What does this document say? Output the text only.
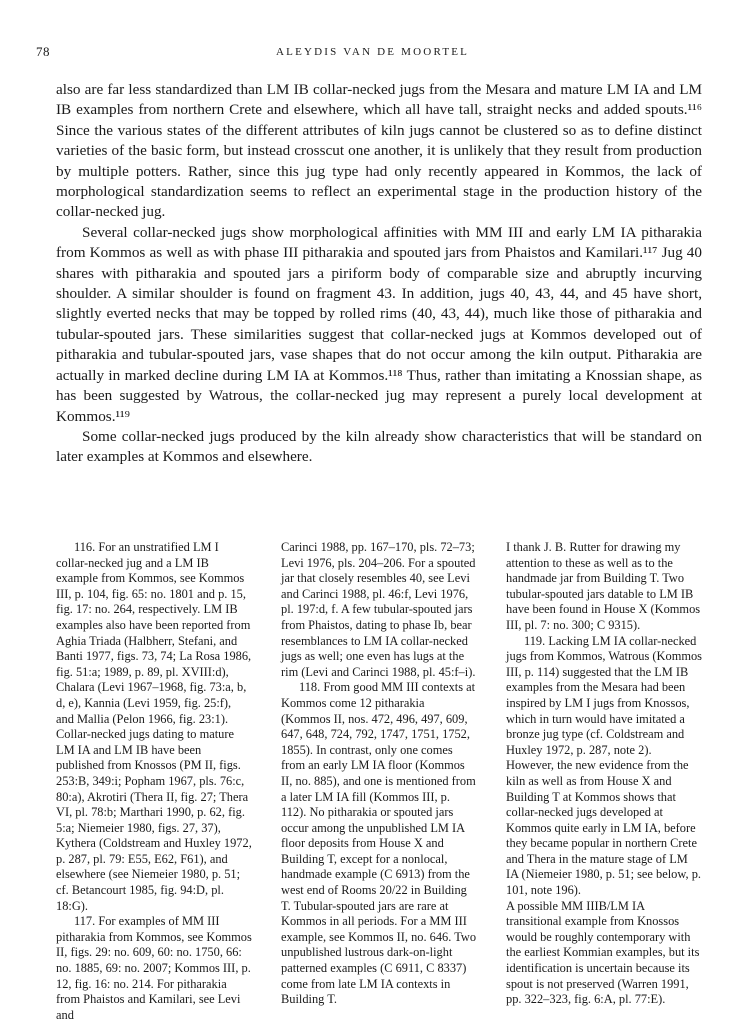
78	ALEYDIS VAN DE MOORTEL

also are far less standardized than LM IB collar-necked jugs from the Mesara and mature LM IA and LM IB examples from northern Crete and elsewhere, which all have tall, straight necks and added spouts.¹¹⁶ Since the various states of the different attributes of kiln jugs cannot be clustered so as to define distinct varieties of the basic form, but instead crosscut one another, it is unlikely that they result from production by multiple potters. Rather, since this jug type had only recently appeared in Kommos, the lack of morphological standardization seems to reflect an experimental stage in the production history of the collar-necked jug.

Several collar-necked jugs show morphological affinities with MM III and early LM IA pitharakia from Kommos as well as with phase III pitharakia and spouted jars from Phaistos and Kamilari.¹¹⁷ Jug 40 shares with pitharakia and spouted jars a piriform body of comparable size and abruptly incurving shoulder. A similar shoulder is found on fragment 43. In addition, jugs 40, 43, 44, and 45 have short, slightly everted necks that may be topped by rolled rims (40, 43, 44), much like those of pitharakia and tubular-spouted jars. These similarities suggest that collar-necked jugs at Kommos developed out of pitharakia and tubular-spouted jars, vase shapes that do not occur among the kiln output. Pitharakia are actually in marked decline during LM IA at Kommos.¹¹⁸ Thus, rather than imitating a Knossian shape, as has been suggested by Watrous, the collar-necked jug may represent a purely local development at Kommos.¹¹⁹

Some collar-necked jugs produced by the kiln already show characteristics that will be standard on later examples at Kommos and elsewhere.

116. For an unstratified LM I collar-necked jug and a LM IB example from Kommos, see Kommos III, p. 104, fig. 65: no. 1801 and p. 15, fig. 17: no. 264, respectively. LM IB examples also have been reported from Aghia Triada (Halbherr, Stefani, and Banti 1977, figs. 73, 74; La Rosa 1986, fig. 51:a; 1989, p. 89, pl. XVIII:d), Chalara (Levi 1967–1968, fig. 73:a, b, d, e), Kannia (Levi 1959, fig. 25:f), and Mallia (Pelon 1966, fig. 23:1). Collar-necked jugs dating to mature LM IA and LM IB have been published from Knossos (PM II, figs. 253:B, 349:i; Popham 1967, pls. 76:c, 80:a), Akrotiri (Thera II, fig. 27; Thera VI, pl. 78:b; Marthari 1990, p. 62, fig. 5:a; Niemeier 1980, figs. 27, 37), Kythera (Coldstream and Huxley 1972, p. 287, pl. 79: E55, E62, F61), and elsewhere (see Niemeier 1980, p. 51; cf. Betancourt 1985, fig. 94:D, pl. 18:G).

117. For examples of MM III pitharakia from Kommos, see Kommos II, figs. 29: no. 609, 60: no. 1750, 66: no. 1885, 69: no. 2007; Kommos III, p. 12, fig. 16: no. 214. For pitharakia from Phaistos and Kamilari, see Levi and

Carinci 1988, pp. 167–170, pls. 72–73; Levi 1976, pls. 204–206. For a spouted jar that closely resembles 40, see Levi and Carinci 1988, pl. 46:f, Levi 1976, pl. 197:d, f. A few tubular-spouted jars from Phaistos, dating to phase Ib, bear resemblances to LM IA collar-necked jugs as well; one even has lugs at the rim (Levi and Carinci 1988, pl. 45:f–i).

118. From good MM III contexts at Kommos come 12 pitharakia (Kommos II, nos. 472, 496, 497, 609, 647, 648, 724, 792, 1747, 1751, 1752, 1855). In contrast, only one comes from an early LM IA floor (Kommos II, no. 885), and one is mentioned from a later LM IA fill (Kommos III, p. 112). No pitharakia or spouted jars occur among the unpublished LM IA floor deposits from House X and Building T, except for a nonlocal, handmade example (C 6913) from the west end of Rooms 20/22 in Building T. Tubular-spouted jars are rare at Kommos in all periods. For a MM III example, see Kommos II, no. 646. Two unpublished lustrous dark-on-light patterned examples (C 6911, C 8337) come from late LM IA contexts in Building T.

I thank J. B. Rutter for drawing my attention to these as well as to the handmade jar from Building T. Two tubular-spouted jars datable to LM IB have been found in House X (Kommos III, pl. 7: no. 300; C 9315).

119. Lacking LM IA collar-necked jugs from Kommos, Watrous (Kommos III, p. 114) suggested that the LM IB examples from the Mesara had been inspired by LM I jugs from Knossos, which in turn would have imitated a bronze jug type (cf. Coldstream and Huxley 1972, p. 287, note 2). However, the new evidence from the kiln as well as from House X and Building T at Kommos shows that collar-necked jugs developed at Kommos quite early in LM IA, before they became popular in northern Crete and Thera in the mature stage of LM IA (Niemeier 1980, p. 51; see below, p. 101, note 196).

A possible MM IIIB/LM IA transitional example from Knossos would be roughly contemporary with the earliest Kommian examples, but its identification is uncertain because its spout is not preserved (Warren 1991, pp. 322–323, fig. 6:A, pl. 77:E).
